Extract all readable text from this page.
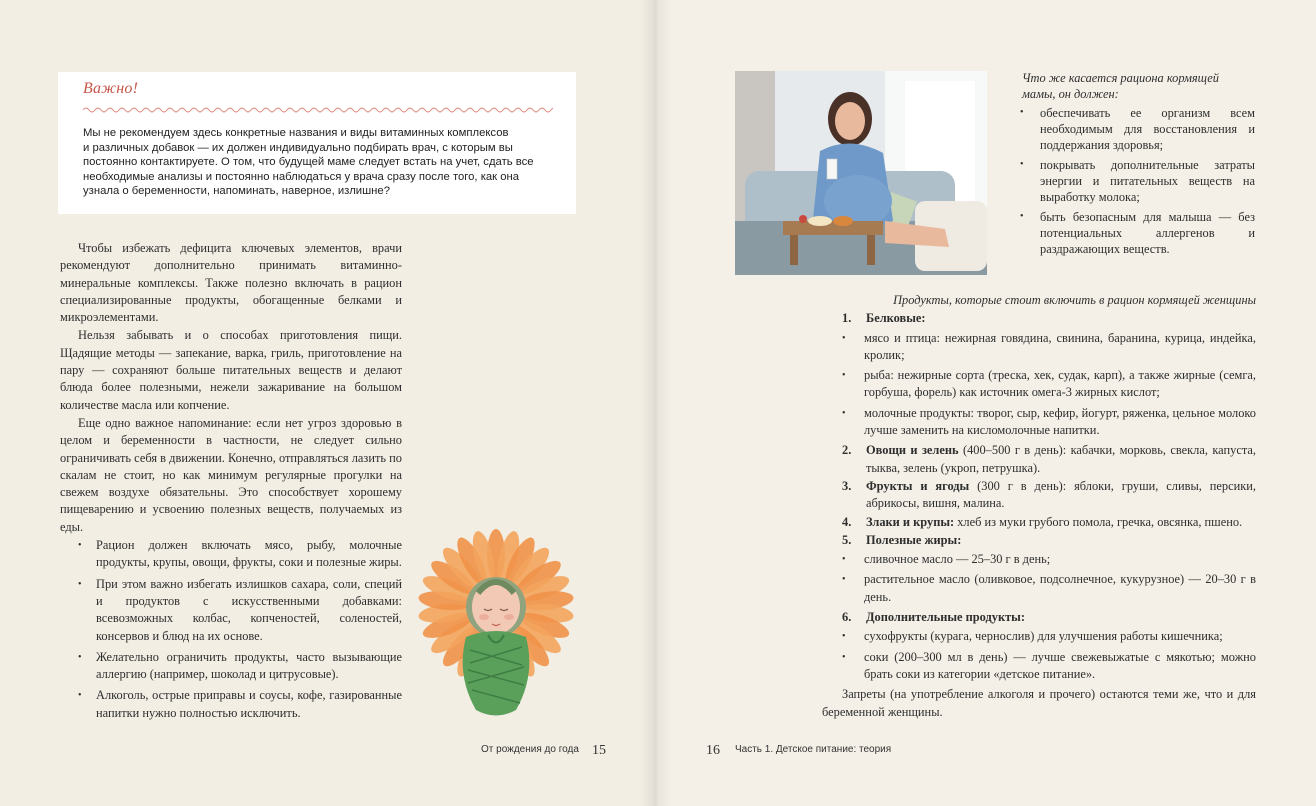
Важно!
Мы не рекомендуем здесь конкретные названия и виды витаминных комплексов
и различных добавок — их должен индивидуально подбирать врач, с которым вы
постоянно контактируете. О том, что будущей маме следует встать на учет, сдать все
необходимые анализы и постоянно наблюдаться у врача сразу после того, как она
узнала о беременности, напоминать, наверное, излишне?

Чтобы избежать дефицита ключевых элементов, врачи рекомендуют дополнительно принимать витаминно-минеральные комплексы. Также полезно включать в рацион специализированные продукты, обогащенные белками и микроэлементами.

Нельзя забывать и о способах приготовления пищи. Щадящие методы — запекание, варка, гриль, приготовление на пару — сохраняют больше питательных веществ и делают блюда более полезными, нежели зажаривание на большом количестве масла или копчение.

Еще одно важное напоминание: если нет угроз здоровью в целом и беременности в частности, не следует сильно ограничивать себя в движении. Конечно, отправляться лазить по скалам не стоит, но как минимум регулярные прогулки на свежем воздухе обязательны. Это способствует хорошему пищеварению и усвоению полезных веществ, получаемых из еды.

• Рацион должен включать мясо, рыбу, молочные продукты, крупы, овощи, фрукты, соки и полезные жиры.
• При этом важно избегать излишков сахара, соли, специй и продуктов с искусственными добавками: всевозможных колбас, копченостей, соленостей, консервов и блюд на их основе.
• Желательно ограничить продукты, часто вызывающие аллергию (например, шоколад и цитрусовые).
• Алкоголь, острые приправы и соусы, кофе, газированные напитки нужно полностью исключить.
От рождения до года 15
Что же касается рациона кормящей мамы, он должен:
• обеспечивать ее организм всем необходимым для восстановления и поддержания здоровья;
• покрывать дополнительные затраты энергии и питательных веществ на выработку молока;
• быть безопасным для малыша — без потенциальных аллергенов и раздражающих веществ.
Продукты, которые стоит включить в рацион кормящей женщины
1. Белковые:
• мясо и птица: нежирная говядина, свинина, баранина, курица, индейка, кролик;
• рыба: нежирные сорта (треска, хек, судак, карп), а также жирные (семга, горбуша, форель) как источник омега-3 жирных кислот;
• молочные продукты: творог, сыр, кефир, йогурт, ряженка, цельное молоко лучше заменить на кисломолочные напитки.
2. Овощи и зелень (400–500 г в день): кабачки, морковь, свекла, капуста, тыква, зелень (укроп, петрушка).
3. Фрукты и ягоды (300 г в день): яблоки, груши, сливы, персики, абрикосы, вишня, малина.
4. Злаки и крупы: хлеб из муки грубого помола, гречка, овсянка, пшено.
5. Полезные жиры:
• сливочное масло — 25–30 г в день;
• растительное масло (оливковое, подсолнечное, кукурузное) — 20–30 г в день.
6. Дополнительные продукты:
• сухофрукты (курага, чернослив) для улучшения работы кишечника;
• соки (200–300 мл в день) — лучше свежевыжатые с мякотью; можно брать соки из категории «детское питание».
Запреты (на употребление алкоголя и прочего) остаются теми же, что и для беременной женщины.
16 Часть 1. Детское питание: теория
